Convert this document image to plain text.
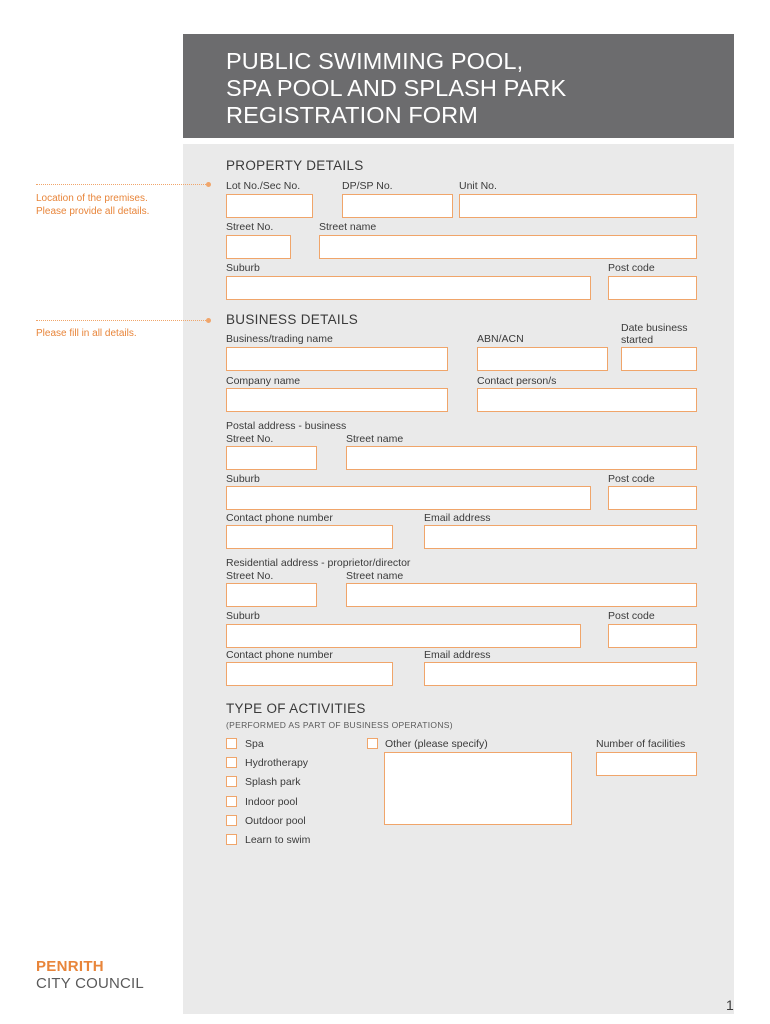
PUBLIC SWIMMING POOL,
SPA POOL AND SPLASH PARK
REGISTRATION FORM
PROPERTY DETAILS
Location of the premises.
Please provide all details.
Lot No./Sec No.	DP/SP No.	Unit No.
Street No.	Street name
Suburb	Post code
BUSINESS DETAILS
Please fill in all details.	Business/trading name	ABN/ACN
Date business
started
Company name	Contact person/s
Postal address - business
Street No.	Street name
Suburb	Post code
Contact phone number	Email address
Residential address - proprietor/director
Street No.	Street name
Suburb	Post code
Contact phone number	Email address
TYPE OF ACTIVITIES
(PERFORMED AS PART OF BUSINESS OPERATIONS)
Spa
Hydrotherapy
Splash park
Indoor pool
Outdoor pool
Learn to swim
Other (please specify)	Number of facilities
PENRITH
CITY COUNCIL
1
